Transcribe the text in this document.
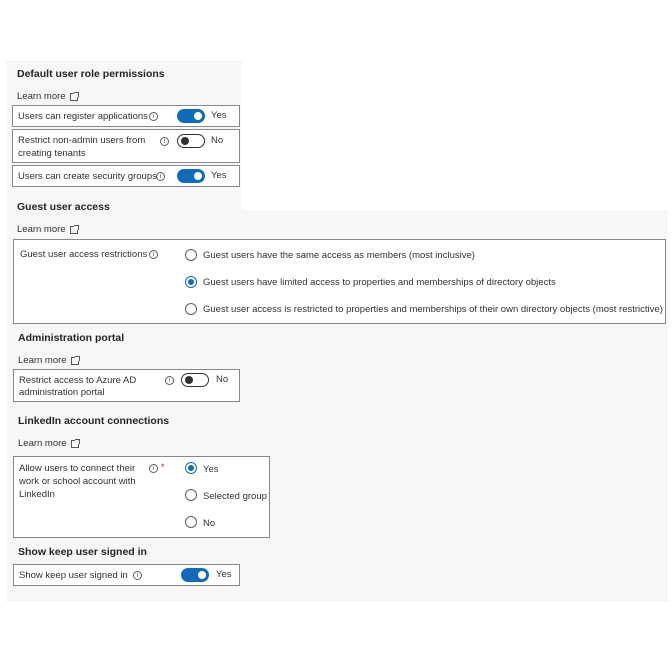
Default user role permissions
Learn more
Users can register applications i	Yes
Restrict non-admin users from
creating tenants
i	No
Users can create security groups i	Yes
Guest user access
Learn more
Guest user access restrictions i	Guest users have the same access as members (most inclusive)
Guest users have limited access to properties and memberships of directory objects
Guest user access is restricted to properties and memberships of their own directory objects (most restrictive)
Administration portal
Learn more
Restrict access to Azure AD
administration portal
i	No
LinkedIn account connections
Learn more
Allow users to connect their
work or school account with
LinkedIn
i *	Yes
Selected group
No
Show keep user signed in
Show keep user signed in	i	Yes
